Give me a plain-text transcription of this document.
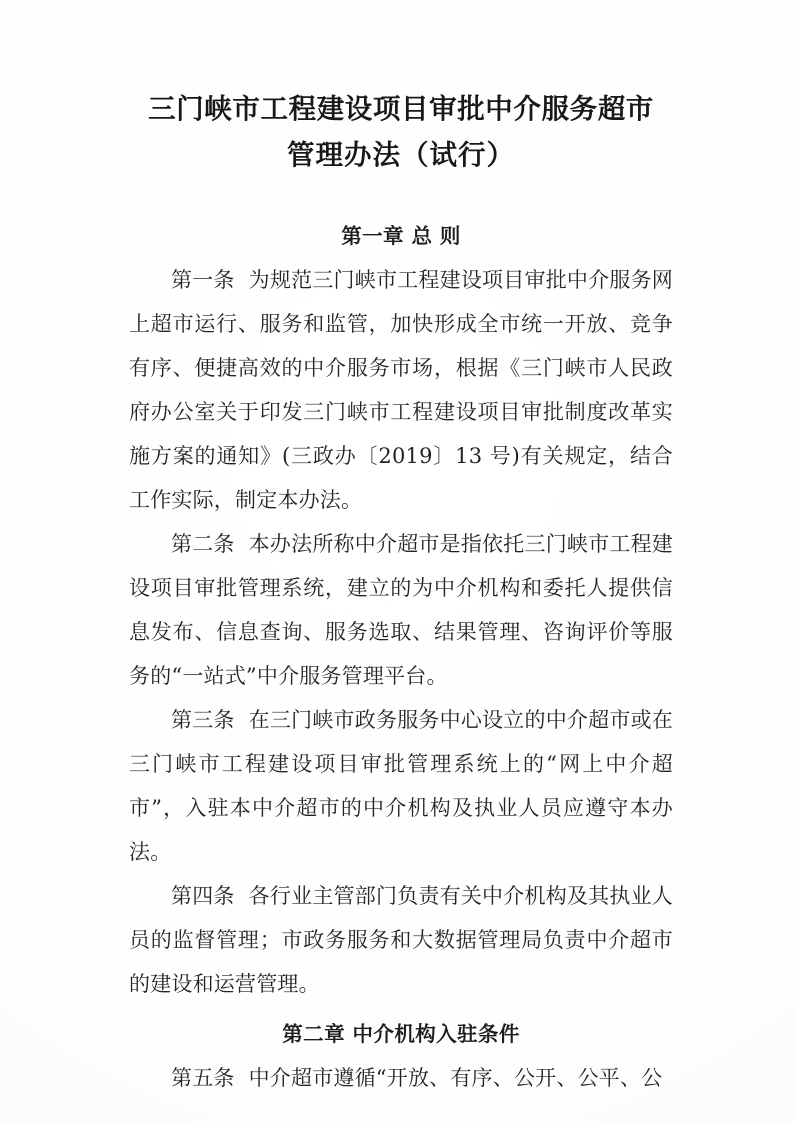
三门峡市工程建设项目审批中介服务超市
管理办法（试行）
第一章 总 则

第一条 为规范三门峡市工程建设项目审批中介服务网上超市运行、服务和监管，加快形成全市统一开放、竞争有序、便捷高效的中介服务市场，根据《三门峡市人民政府办公室关于印发三门峡市工程建设项目审批制度改革实施方案的通知》(三政办〔2019〕13 号)有关规定，结合工作实际，制定本办法。

第二条 本办法所称中介超市是指依托三门峡市工程建设项目审批管理系统，建立的为中介机构和委托人提供信息发布、信息查询、服务选取、结果管理、咨询评价等服务的“一站式”中介服务管理平台。

第三条 在三门峡市政务服务中心设立的中介超市或在三门峡市工程建设项目审批管理系统上的“网上中介超市”，入驻本中介超市的中介机构及执业人员应遵守本办法。

第四条 各行业主管部门负责有关中介机构及其执业人员的监督管理；市政务服务和大数据管理局负责中介超市的建设和运营管理。

第二章 中介机构入驻条件

第五条 中介超市遵循“开放、有序、公开、公平、公
